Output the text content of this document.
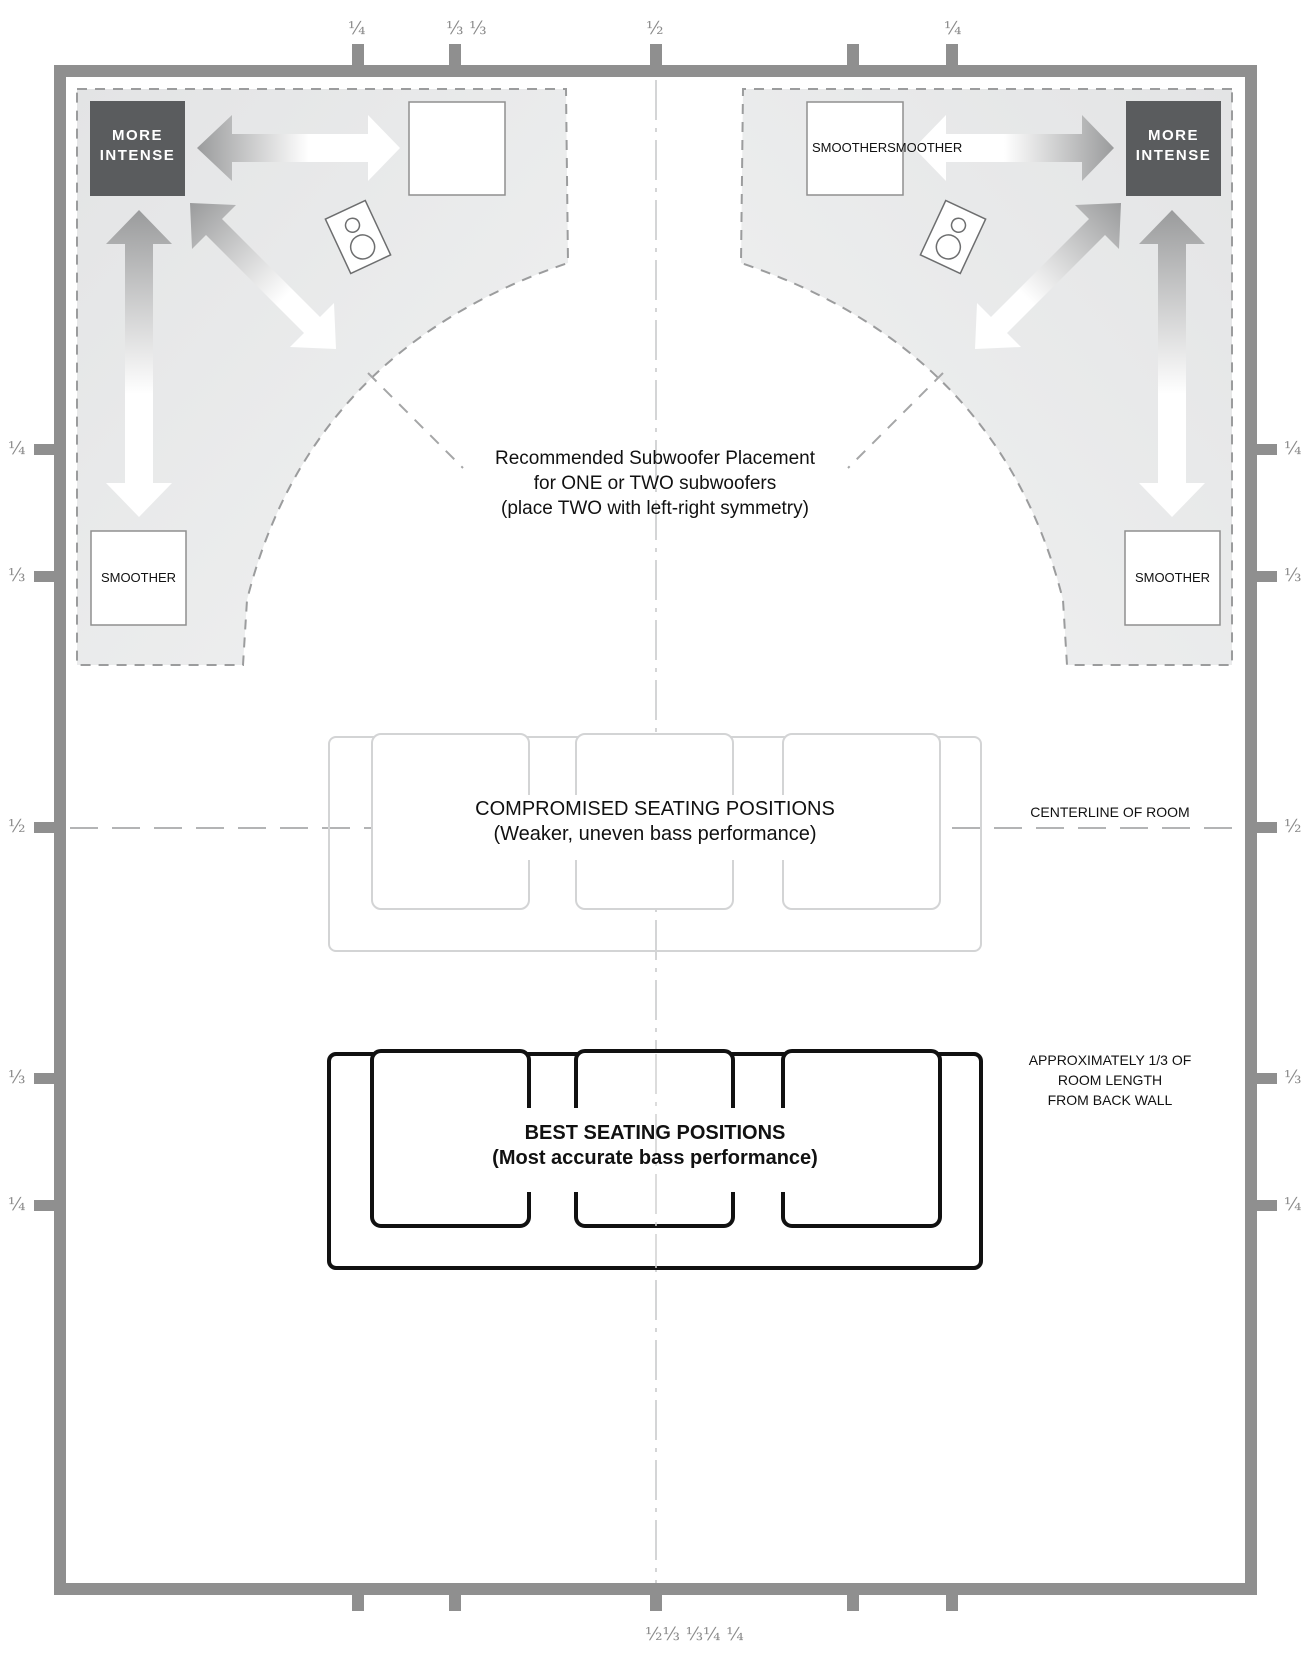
¼	⅓ ⅓	½	¼
½⅓ ⅓¼ ¼
¼
⅓
½
⅓
¼
¼
⅓
½
⅓
¼
MORE
INTENSE
SMOOTHER
MORE
INTENSE
SMOOTHERSMOOTHER
SMOOTHER
Recommended Subwoofer Placement
for ONE or TWO subwoofers
(place TWO with left-right symmetry)
COMPROMISED SEATING POSITIONS
(Weaker, uneven bass performance)
CENTERLINE OF ROOM
BEST SEATING POSITIONS
(Most accurate bass performance)
APPROXIMATELY 1/3 OF
ROOM LENGTH
FROM BACK WALL
